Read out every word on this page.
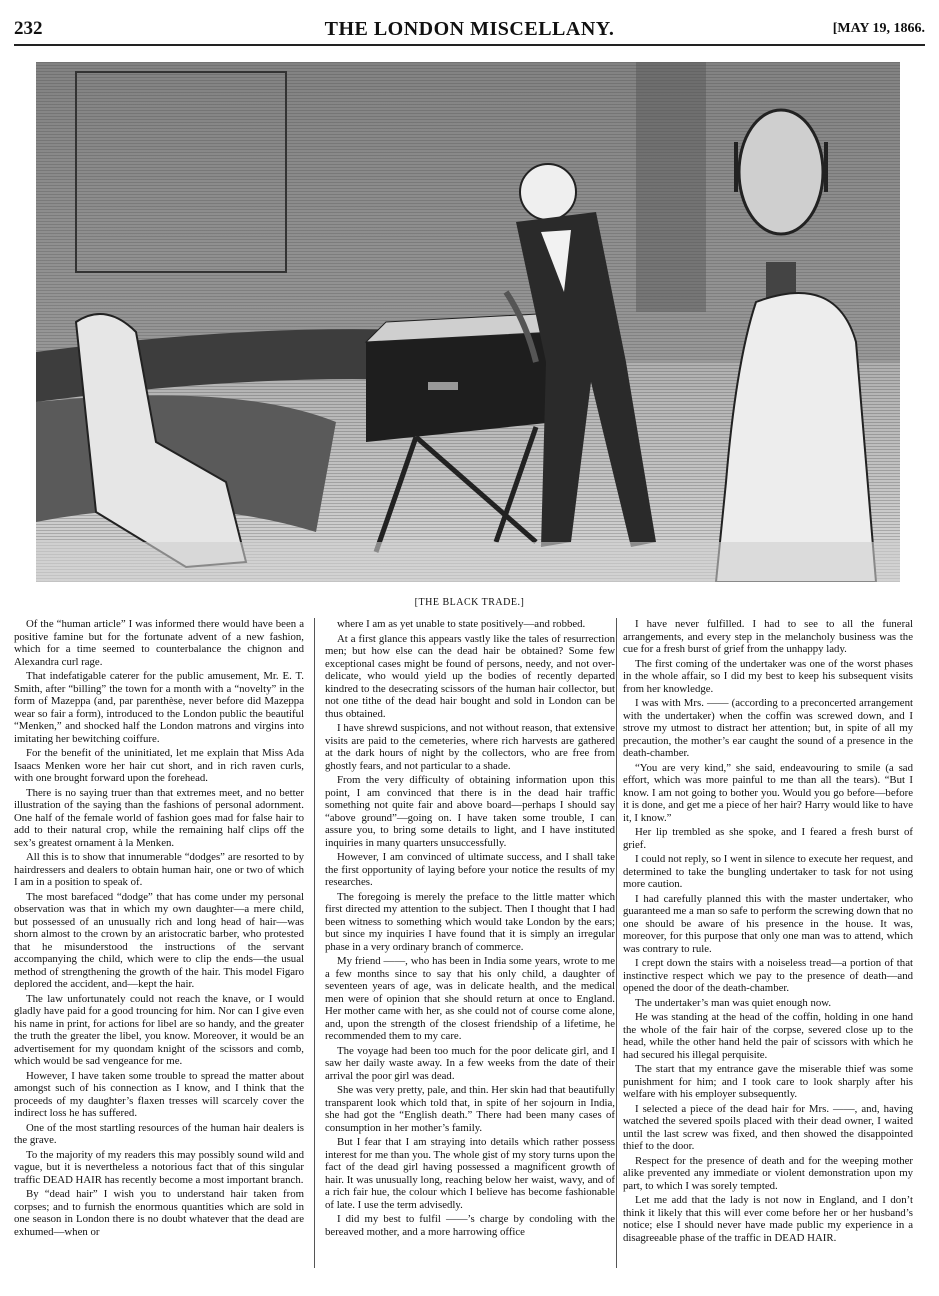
232	THE LONDON MISCELLANY.	[MAY 19, 1866.
[THE BLACK TRADE.]

Of the “human article” I was informed there would have been a positive famine but for the fortunate advent of a new fashion, which for a time seemed to counterbalance the chignon and Alexandra curl rage.

That indefatigable caterer for the public amusement, Mr. E. T. Smith, after “billing” the town for a month with a “novelty” in the form of Mazeppa (and, par parenthèse, never before did Mazeppa wear so fair a form), introduced to the London public the beautiful “Menken,” and shocked half the London matrons and virgins into imitating her bewitching coiffure.

For the benefit of the uninitiated, let me explain that Miss Ada Isaacs Menken wore her hair cut short, and in rich raven curls, with one brought forward upon the forehead.

There is no saying truer than that extremes meet, and no better illustration of the saying than the fashions of personal adornment. One half of the female world of fashion goes mad for false hair to add to their natural crop, while the remaining half clips off the sex’s greatest ornament à la Menken.

All this is to show that innumerable “dodges” are resorted to by hairdressers and dealers to obtain human hair, one or two of which I am in a position to speak of.

The most barefaced “dodge” that has come under my personal observation was that in which my own daughter—a mere child, but possessed of an unusually rich and long head of hair—was shorn almost to the crown by an aristocratic barber, who protested that he misunderstood the instructions of the servant accompanying the child, which were to clip the ends—the usual method of strengthening the growth of the hair. This model Figaro deplored the accident, and—kept the hair.

The law unfortunately could not reach the knave, or I would gladly have paid for a good trouncing for him. Nor can I give even his name in print, for actions for libel are so handy, and the greater the truth the greater the libel, you know. Moreover, it would be an advertisement for my quondam knight of the scissors and comb, which would be sad vengeance for me.

However, I have taken some trouble to spread the matter about amongst such of his connection as I know, and I think that the proceeds of my daughter’s flaxen tresses will scarcely cover the indirect loss he has suffered.

One of the most startling resources of the human hair dealers is the grave.

To the majority of my readers this may possibly sound wild and vague, but it is nevertheless a notorious fact that of this singular traffic DEAD HAIR has recently become a most important branch.

By “dead hair” I wish you to understand hair taken from corpses; and to furnish the enormous quantities which are sold in one season in London there is no doubt whatever that the dead are exhumed—when or

where I am as yet unable to state positively—and robbed.

At a first glance this appears vastly like the tales of resurrection men; but how else can the dead hair be obtained? Some few exceptional cases might be found of persons, needy, and not over-delicate, who would yield up the bodies of recently departed kindred to the desecrating scissors of the human hair collector, but not one tithe of the dead hair bought and sold in London can be thus obtained.

I have shrewd suspicions, and not without reason, that extensive visits are paid to the cemeteries, where rich harvests are gathered at the dark hours of night by the collectors, who are free from ghostly fears, and not particular to a shade.

From the very difficulty of obtaining information upon this point, I am convinced that there is in the dead hair traffic something not quite fair and above board—perhaps I should say “above ground”—going on. I have taken some trouble, I can assure you, to bring some details to light, and I have instituted inquiries in many quarters unsuccessfully.

However, I am convinced of ultimate success, and I shall take the first opportunity of laying before your notice the results of my researches.

The foregoing is merely the preface to the little matter which first directed my attention to the subject. Then I thought that I had been witness to something which would take London by the ears; but since my inquiries I have found that it is simply an irregular phase in a very ordinary branch of commerce.

My friend ——, who has been in India some years, wrote to me a few months since to say that his only child, a daughter of seventeen years of age, was in delicate health, and the medical men were of opinion that she should return at once to England. Her mother came with her, as she could not of course come alone, and, upon the strength of the closest friendship of a lifetime, he recommended them to my care.

The voyage had been too much for the poor delicate girl, and I saw her daily waste away. In a few weeks from the date of their arrival the poor girl was dead.

She was very pretty, pale, and thin. Her skin had that beautifully transparent look which told that, in spite of her sojourn in India, she had got the “English death.” There had been many cases of consumption in her mother’s family.

But I fear that I am straying into details which rather possess interest for me than you. The whole gist of my story turns upon the fact of the dead girl having possessed a magnificent growth of hair. It was unusually long, reaching below her waist, wavy, and of a rich fair hue, the colour which I believe has become fashionable of late. I use the term advisedly.

I did my best to fulfil ——’s charge by condoling with the bereaved mother, and a more harrowing office

I have never fulfilled. I had to see to all the funeral arrangements, and every step in the melancholy business was the cue for a fresh burst of grief from the unhappy lady.

The first coming of the undertaker was one of the worst phases in the whole affair, so I did my best to keep his subsequent visits from her knowledge.

I was with Mrs. —— (according to a preconcerted arrangement with the undertaker) when the coffin was screwed down, and I strove my utmost to distract her attention; but, in spite of all my precaution, the mother’s ear caught the sound of a presence in the death-chamber.

“You are very kind,” she said, endeavouring to smile (a sad effort, which was more painful to me than all the tears). “But I know. I am not going to bother you. Would you go before—before it is done, and get me a piece of her hair? Harry would like to have it, I know.”

Her lip trembled as she spoke, and I feared a fresh burst of grief.

I could not reply, so I went in silence to execute her request, and determined to take the bungling undertaker to task for not using more caution.

I had carefully planned this with the master undertaker, who guaranteed me a man so safe to perform the screwing down that no one should be aware of his presence in the house. It was, moreover, for this purpose that only one man was to attend, which was contrary to rule.

I crept down the stairs with a noiseless tread—a portion of that instinctive respect which we pay to the presence of death—and opened the door of the death-chamber.

The undertaker’s man was quiet enough now.

He was standing at the head of the coffin, holding in one hand the whole of the fair hair of the corpse, severed close up to the head, while the other hand held the pair of scissors with which he had secured his illegal perquisite.

The start that my entrance gave the miserable thief was some punishment for him; and I took care to look sharply after his welfare with his employer subsequently.

I selected a piece of the dead hair for Mrs. ——, and, having watched the severed spoils placed with their dead owner, I waited until the last screw was fixed, and then showed the disappointed thief to the door.

Respect for the presence of death and for the weeping mother alike prevented any immediate or violent demonstration upon my part, to which I was sorely tempted.

Let me add that the lady is not now in England, and I don’t think it likely that this will ever come before her or her husband’s notice; else I should never have made public my experience in a disagreeable phase of the traffic in DEAD HAIR.
